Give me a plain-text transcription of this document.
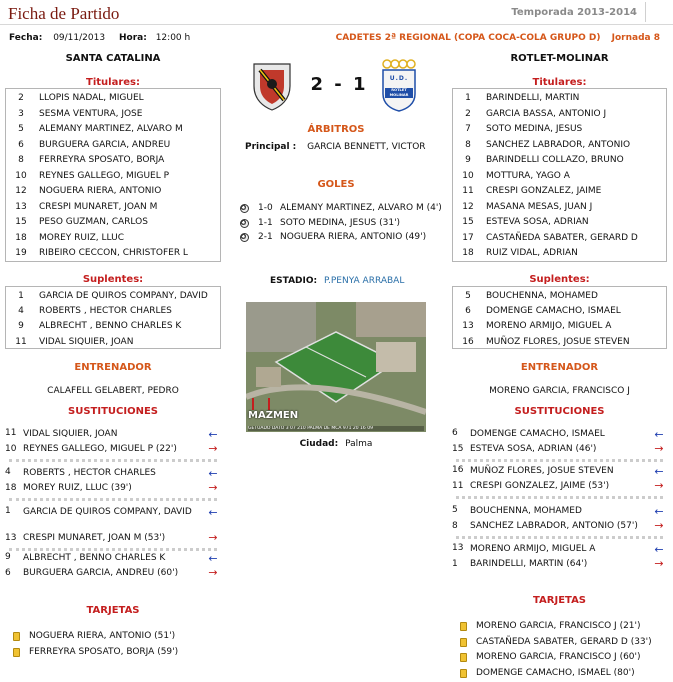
Ficha de Partido	Temporada 2013-2014
Fecha: 09/11/2013 Hora: 12:00 h	CADETES 2ª REGIONAL (COPA COCA-COLA GRUPO D) Jornada 8
SANTA CATALINA	ROTLET-MOLINAR
2 - 1	U.D.
ROTLET MOLINAR
Titulares:
2	LLOPIS NADAL, MIGUEL
3	SESMA VENTURA, JOSE
5	ALEMANY MARTINEZ, ALVARO M
6	BURGUERA GARCIA, ANDREU
8	FERREYRA SPOSATO, BORJA
10	REYNES GALLEGO, MIGUEL P
12	NOGUERA RIERA, ANTONIO
13	CRESPI MUNARET, JOAN M
15	PESO GUZMAN, CARLOS
18	MOREY RUIZ, LLUC
19	RIBEIRO CECCON, CHRISTOFER L
Titulares:
1	BARINDELLI, MARTIN
2	GARCIA BASSA, ANTONIO J
7	SOTO MEDINA, JESUS
8	SANCHEZ LABRADOR, ANTONIO
9	BARINDELLI COLLAZO, BRUNO
10	MOTTURA, YAGO A
11	CRESPI GONZALEZ, JAIME
12	MASANA MESAS, JUAN J
15	ESTEVA SOSA, ADRIAN
17	CASTAÑEDA SABATER, GERARD D
18	RUIZ VIDAL, ADRIAN
ÁRBITROS
Principal : GARCIA BENNETT, VICTOR
GOLES
1-0 ALEMANY MARTINEZ, ALVARO M (4')
1-1 SOTO MEDINA, JESUS (31')
2-1 NOGUERA RIERA, ANTONIO (49')
Suplentes:
1	GARCIA DE QUIROS COMPANY, DAVID
4	ROBERTS , HECTOR CHARLES
9	ALBRECHT , BENNO CHARLES K
11	VIDAL SIQUIER, JOAN
Suplentes:
5	BOUCHENNA, MOHAMED
6	DOMENGE CAMACHO, ISMAEL
13	MORENO ARMIJO, MIGUEL A
16	MUÑOZ FLORES, JOSUE STEVEN
ESTADIO: P.PENYA ARRABAL
MAZMEN
GETUADO DATO 3 07 210 PALMA DE MCA 971 20 16 09
Ciudad: Palma
ENTRENADOR
CALAFELL GELABERT, PEDRO
ENTRENADOR
MORENO GARCIA, FRANCISCO J
SUSTITUCIONES
11 VIDAL SIQUIER, JOAN	←
10 REYNES GALLEGO, MIGUEL P (22')	→
4	ROBERTS , HECTOR CHARLES	←
18 MOREY RUIZ, LLUC (39')	→
1	GARCIA DE QUIROS COMPANY, DAVID ←
13 CRESPI MUNARET, JOAN M (53')	→
9	ALBRECHT , BENNO CHARLES K	←
6	BURGUERA GARCIA, ANDREU (60')	→
SUSTITUCIONES
6	DOMENGE CAMACHO, ISMAEL	←
15 ESTEVA SOSA, ADRIAN (46')	→
16 MUÑOZ FLORES, JOSUE STEVEN	←
11 CRESPI GONZALEZ, JAIME (53')	→
5	BOUCHENNA, MOHAMED	←
8	SANCHEZ LABRADOR, ANTONIO (57') →
13 MORENO ARMIJO, MIGUEL A	←
1	BARINDELLI, MARTIN (64')	→
TARJETAS
NOGUERA RIERA, ANTONIO (51')
FERREYRA SPOSATO, BORJA (59')
TARJETAS
MORENO GARCIA, FRANCISCO J (21')
CASTAÑEDA SABATER, GERARD D (33')
MORENO GARCIA, FRANCISCO J (60')
DOMENGE CAMACHO, ISMAEL (80')
